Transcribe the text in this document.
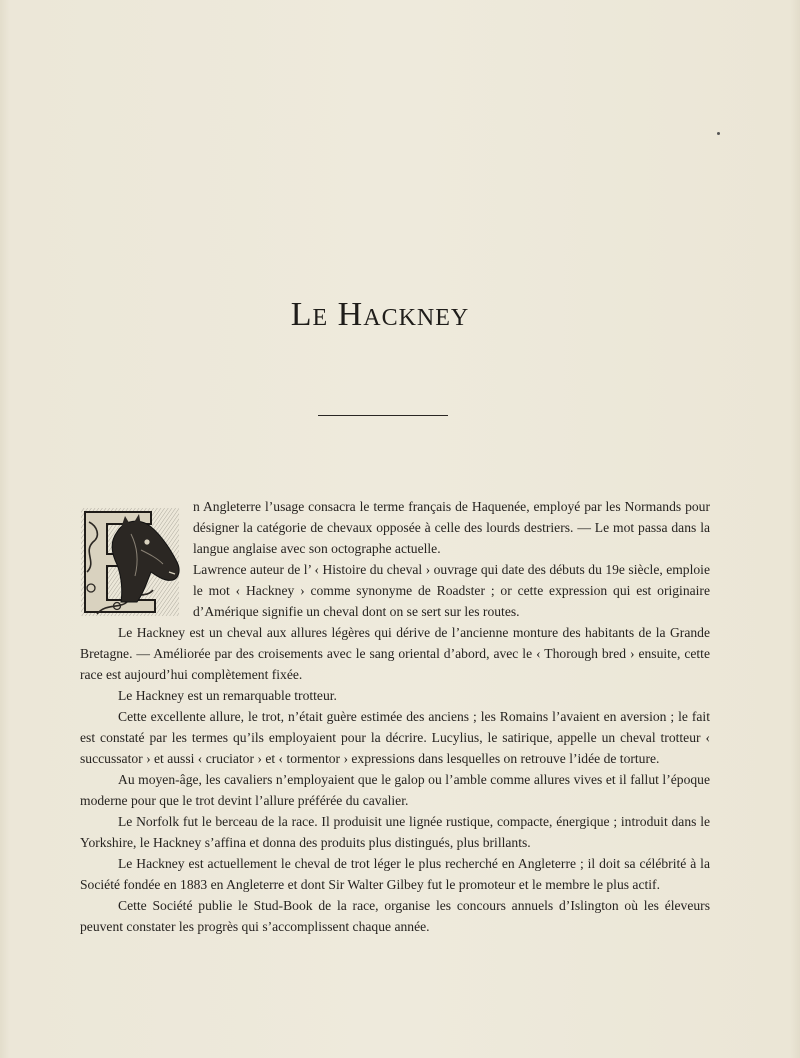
Le Hackney

n Angleterre l’usage consacra le terme français de Haquenée, employé par les Normands pour désigner la catégorie de chevaux opposée à celle des lourds destriers. — Le mot passa dans la langue anglaise avec son octographe actuelle.

Lawrence auteur de l’ ‹ Histoire du cheval › ouvrage qui date des débuts du 19e siècle, emploie le mot ‹ Hackney › comme synonyme de Roadster ; or cette expression qui est originaire d’Amérique signifie un cheval dont on se sert sur les routes.

Le Hackney est un cheval aux allures légères qui dérive de l’ancienne monture des habitants de la Grande Bretagne. — Améliorée par des croisements avec le sang oriental d’abord, avec le ‹ Thorough bred › ensuite, cette race est aujourd’hui complètement fixée.

Le Hackney est un remarquable trotteur.

Cette excellente allure, le trot, n’était guère estimée des anciens ; les Romains l’avaient en aversion ; le fait est constaté par les termes qu’ils employaient pour la décrire. Lucylius, le satirique, appelle un cheval trotteur ‹ succussator › et aussi ‹ cruciator › et ‹ tormentor › expressions dans lesquelles on retrouve l’idée de torture.

Au moyen-âge, les cavaliers n’employaient que le galop ou l’amble comme allures vives et il fallut l’époque moderne pour que le trot devint l’allure préférée du cavalier.

Le Norfolk fut le berceau de la race. Il produisit une lignée rustique, compacte, énergique ; introduit dans le Yorkshire, le Hackney s’affina et donna des produits plus distingués, plus brillants.

Le Hackney est actuellement le cheval de trot léger le plus recherché en Angleterre ; il doit sa célébrité à la Société fondée en 1883 en Angleterre et dont Sir Walter Gilbey fut le promoteur et le membre le plus actif.

Cette Société publie le Stud-Book de la race, organise les concours annuels d’Islington où les éleveurs peuvent constater les progrès qui s’accomplissent chaque année.
